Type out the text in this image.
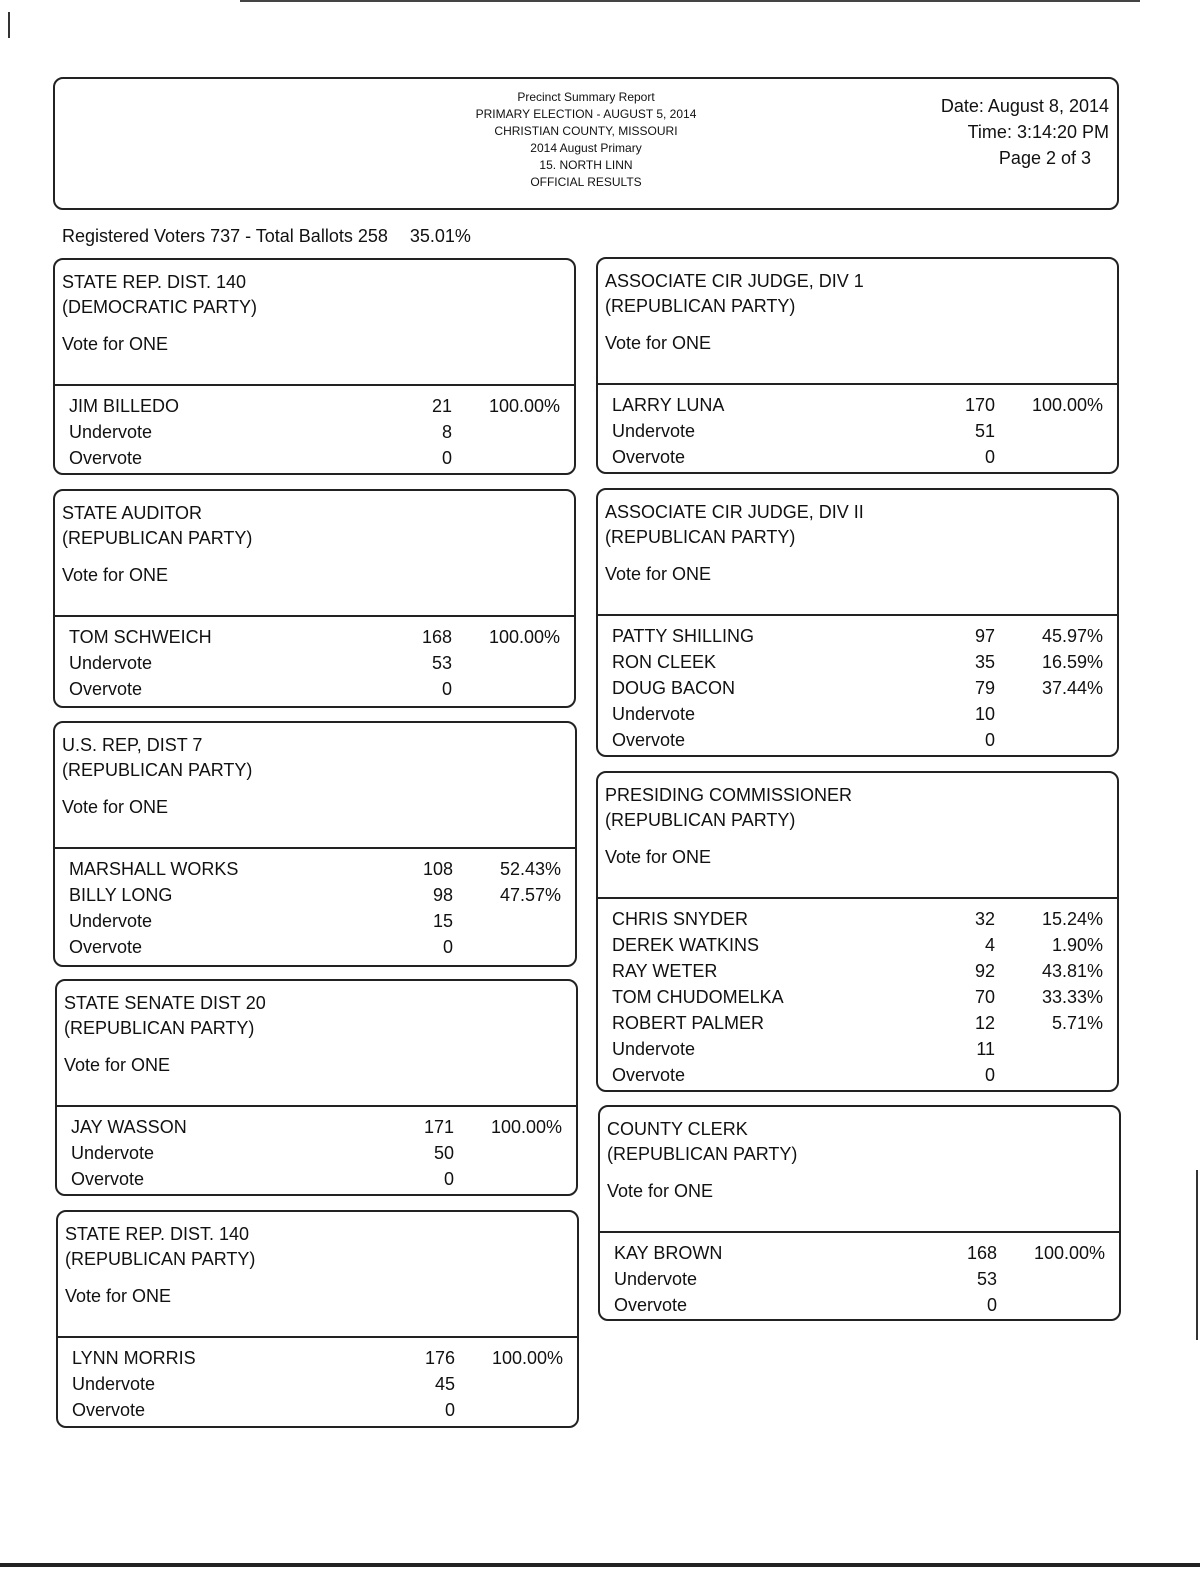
Precinct Summary Report
PRIMARY ELECTION - AUGUST 5, 2014
CHRISTIAN COUNTY, MISSOURI
2014 August Primary
15. NORTH LINN
OFFICIAL RESULTS
Date: August 8, 2014
Time: 3:14:20 PM
Page 2 of 3
Registered Voters 737 - Total Ballots 258 35.01%
STATE REP. DIST. 140
(DEMOCRATIC PARTY)
Vote for ONE
JIM BILLEDO	21 100.00%
Undervote	8
Overvote	0
STATE AUDITOR
(REPUBLICAN PARTY)
Vote for ONE
TOM SCHWEICH	168 100.00%
Undervote	53
Overvote	0
U.S. REP, DIST 7
(REPUBLICAN PARTY)
Vote for ONE
MARSHALL WORKS	108	52.43%
BILLY LONG	98	47.57%
Undervote	15
Overvote	0
STATE SENATE DIST 20
(REPUBLICAN PARTY)
Vote for ONE
JAY WASSON	171 100.00%
Undervote	50
Overvote	0
STATE REP. DIST. 140
(REPUBLICAN PARTY)
Vote for ONE
LYNN MORRIS	176 100.00%
Undervote	45
Overvote	0
ASSOCIATE CIR JUDGE, DIV 1
(REPUBLICAN PARTY)
Vote for ONE
LARRY LUNA	170 100.00%
Undervote	51
Overvote	0
ASSOCIATE CIR JUDGE, DIV II
(REPUBLICAN PARTY)
Vote for ONE
PATTY SHILLING	97	45.97%
RON CLEEK	35	16.59%
DOUG BACON	79	37.44%
Undervote	10
Overvote	0
PRESIDING COMMISSIONER
(REPUBLICAN PARTY)
Vote for ONE
CHRIS SNYDER	32	15.24%
DEREK WATKINS	4	1.90%
RAY WETER	92	43.81%
TOM CHUDOMELKA	70	33.33%
ROBERT PALMER	12	5.71%
Undervote	11
Overvote	0
COUNTY CLERK
(REPUBLICAN PARTY)
Vote for ONE
KAY BROWN	168 100.00%
Undervote	53
Overvote	0
